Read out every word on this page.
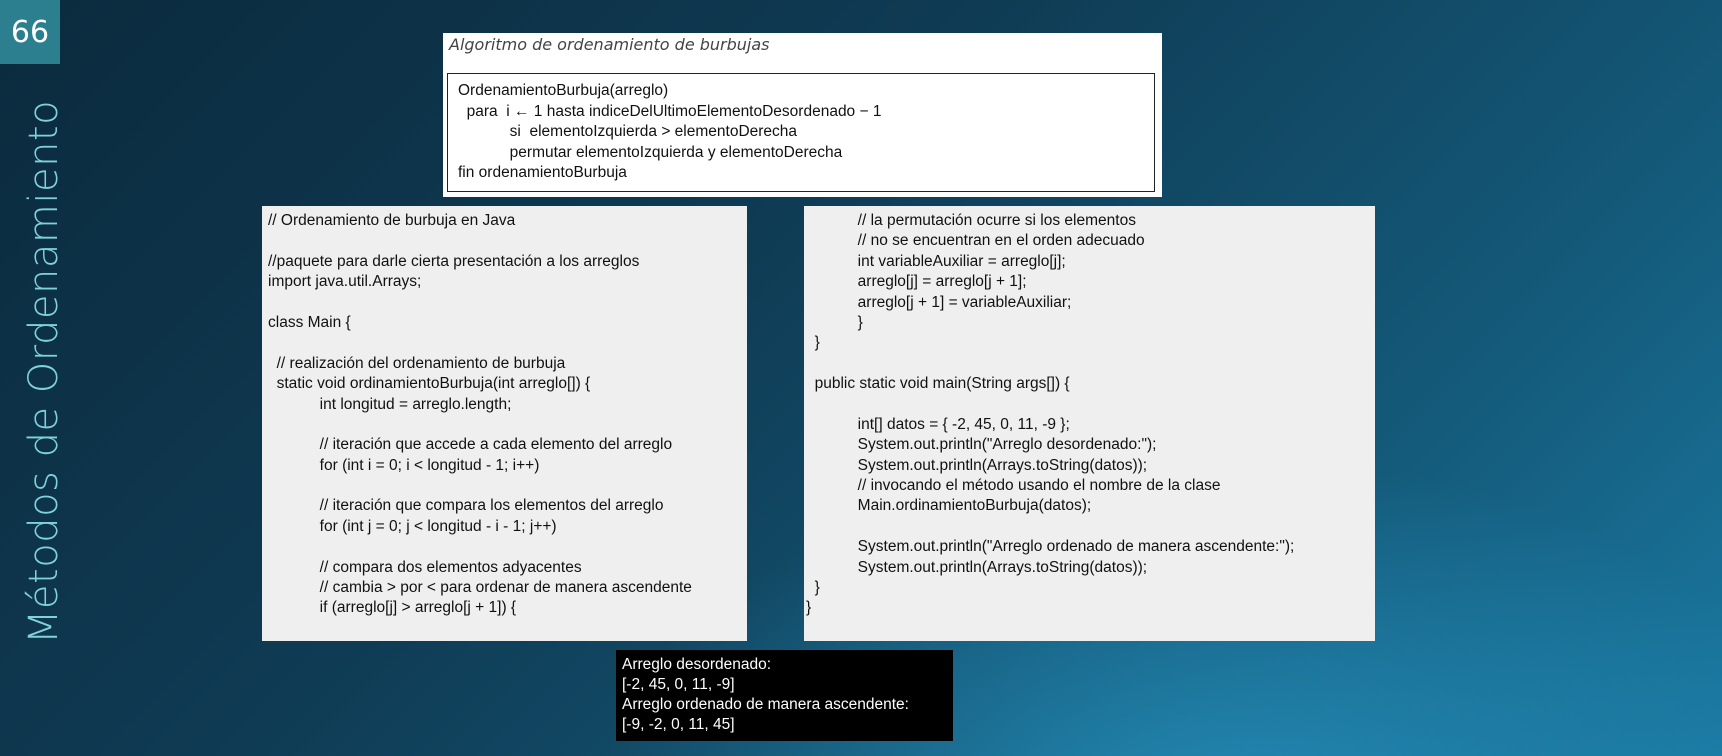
66
Métodos de Ordenamiento
Algoritmo de ordenamiento de burbujas
OrdenamientoBurbuja(arreglo)
para  i ← 1 hasta indiceDelUltimoElementoDesordenado − 1
si  elementoIzquierda > elementoDerecha
permutar elementoIzquierda y elementoDerecha
fin ordenamientoBurbuja
// Ordenamiento de burbuja en Java
//paquete para darle cierta presentación a los arreglos
import java.util.Arrays;
class Main {
// realización del ordenamiento de burbuja
static void ordinamientoBurbuja(int arreglo[]) {
int longitud = arreglo.length;
// iteración que accede a cada elemento del arreglo
for (int i = 0; i < longitud - 1; i++)
// iteración que compara los elementos del arreglo
for (int j = 0; j < longitud - i - 1; j++)
// compara dos elementos adyacentes
// cambia > por < para ordenar de manera ascendente
if (arreglo[j] > arreglo[j + 1]) {
// la permutación ocurre si los elementos
// no se encuentran en el orden adecuado
int variableAuxiliar = arreglo[j];
arreglo[j] = arreglo[j + 1];
arreglo[j + 1] = variableAuxiliar;
}
}
public static void main(String args[]) {
int[] datos = { -2, 45, 0, 11, -9 };
System.out.println("Arreglo desordenado:");
System.out.println(Arrays.toString(datos));
// invocando el método usando el nombre de la clase
Main.ordinamientoBurbuja(datos);
System.out.println("Arreglo ordenado de manera ascendente:");
System.out.println(Arrays.toString(datos));
}
}
Arreglo desordenado:
[-2, 45, 0, 11, -9]
Arreglo ordenado de manera ascendente:
[-9, -2, 0, 11, 45]
